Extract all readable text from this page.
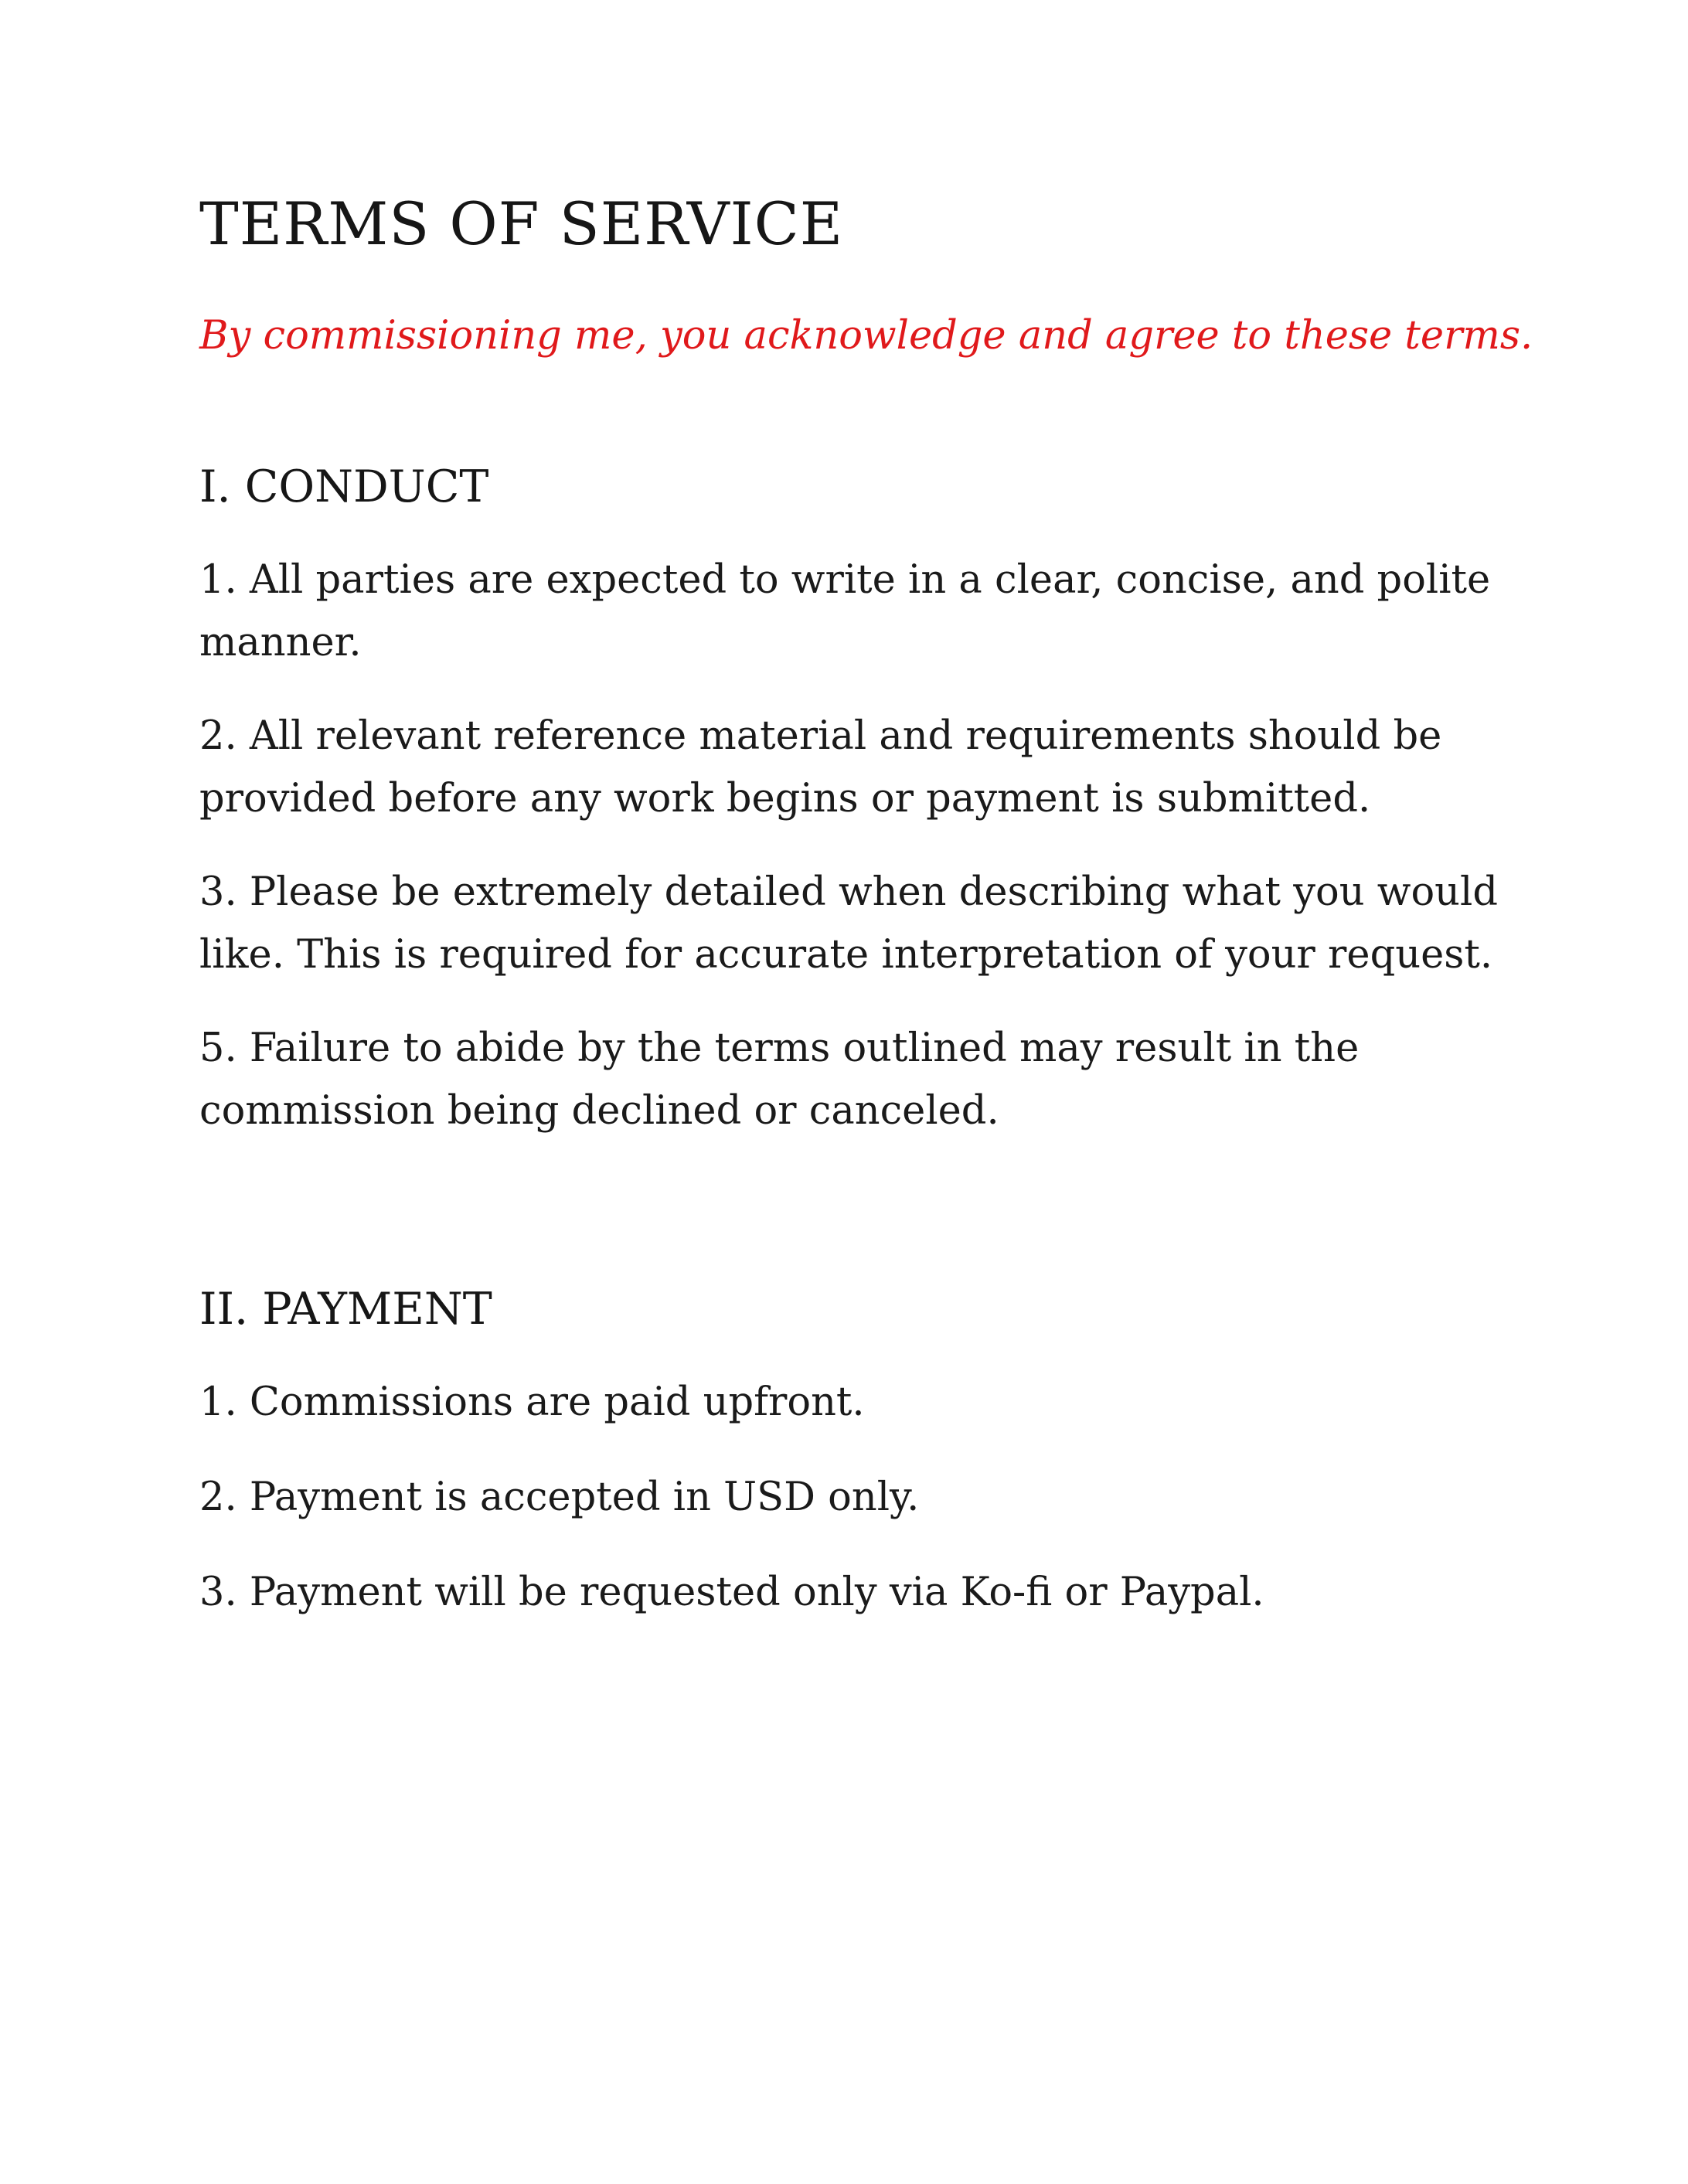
TERMS OF SERVICE

By commissioning me, you acknowledge and agree to these terms.

I. CONDUCT

1. All parties are expected to write in a clear, concise, and polite manner.

2. All relevant reference material and requirements should be provided before any work begins or payment is submitted.

3. Please be extremely detailed when describing what you would like. This is required for accurate interpretation of your request.

5. Failure to abide by the terms outlined may result in the commission being declined or canceled.

II. PAYMENT

1. Commissions are paid upfront.

2. Payment is accepted in USD only.

3. Payment will be requested only via Ko-fi or Paypal.
